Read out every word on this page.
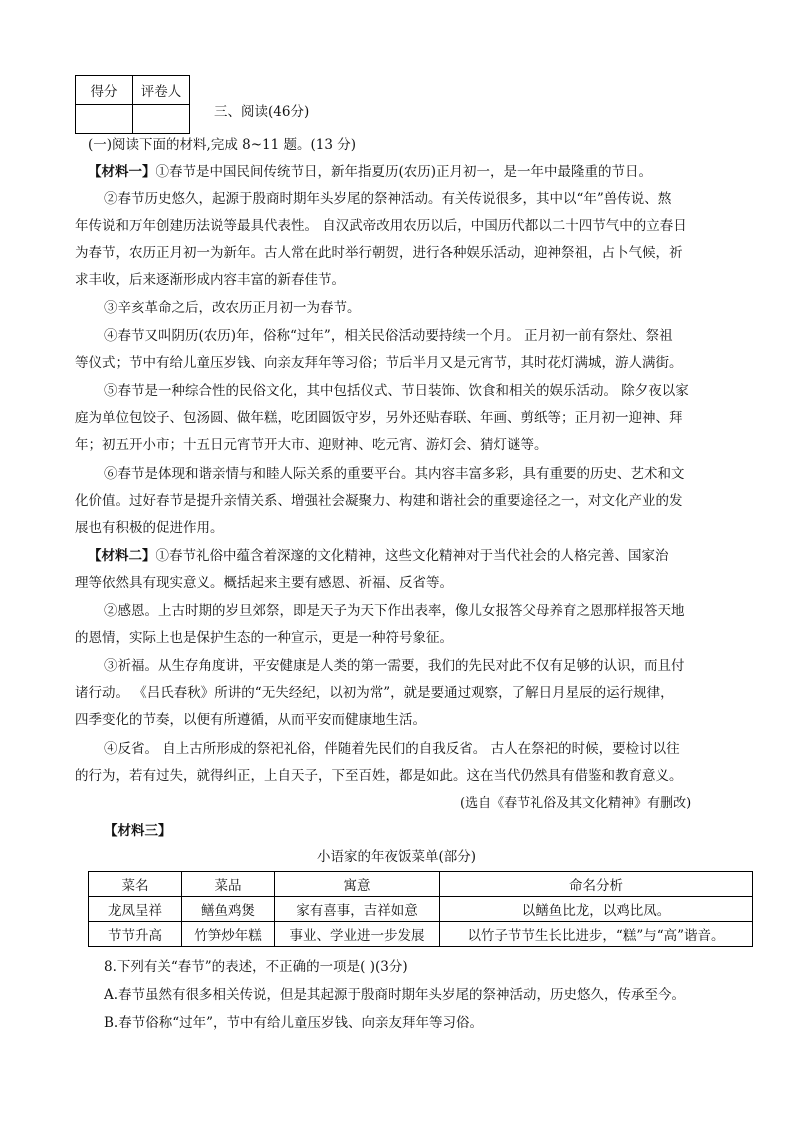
得分	评卷人

三、阅读(46分)
(一)阅读下面的材料,完成 8~11 题。(13 分)
【材料一】①春节是中国民间传统节日，新年指夏历(农历)正月初一，是一年中最隆重的节日。
②春节历史悠久，起源于殷商时期年头岁尾的祭神活动。有关传说很多，其中以“年”兽传说、熬
年传说和万年创建历法说等最具代表性。 自汉武帝改用农历以后，中国历代都以二十四节气中的立春日
为春节，农历正月初一为新年。古人常在此时举行朝贺，进行各种娱乐活动，迎神祭祖，占卜气候，祈
求丰收，后来逐渐形成内容丰富的新春佳节。
③辛亥革命之后，改农历正月初一为春节。
④春节又叫阴历(农历)年，俗称“过年”，相关民俗活动要持续一个月。 正月初一前有祭灶、祭祖
等仪式；节中有给儿童压岁钱、向亲友拜年等习俗；节后半月又是元宵节，其时花灯满城，游人满街。
⑤春节是一种综合性的民俗文化，其中包括仪式、节日装饰、饮食和相关的娱乐活动。 除夕夜以家
庭为单位包饺子、包汤圆、做年糕，吃团圆饭守岁，另外还贴春联、年画、剪纸等；正月初一迎神、拜
年；初五开小市；十五日元宵节开大市、迎财神、吃元宵、游灯会、猜灯谜等。
⑥春节是体现和谐亲情与和睦人际关系的重要平台。其内容丰富多彩，具有重要的历史、艺术和文
化价值。过好春节是提升亲情关系、增强社会凝聚力、构建和谐社会的重要途径之一，对文化产业的发
展也有积极的促进作用。
【材料二】①春节礼俗中蕴含着深邃的文化精神，这些文化精神对于当代社会的人格完善、国家治
理等依然具有现实意义。概括起来主要有感恩、祈福、反省等。
②感恩。上古时期的岁旦郊祭，即是天子为天下作出表率，像儿女报答父母养育之恩那样报答天地
的恩情，实际上也是保护生态的一种宣示，更是一种符号象征。
③祈福。从生存角度讲，平安健康是人类的第一需要，我们的先民对此不仅有足够的认识，而且付
诸行动。 《吕氏春秋》所讲的“无失经纪，以初为常”，就是要通过观察，了解日月星辰的运行规律，
四季变化的节奏，以便有所遵循，从而平安而健康地生活。
④反省。 自上古所形成的祭祀礼俗，伴随着先民们的自我反省。 古人在祭祀的时候，要检讨以往
的行为，若有过失，就得纠正，上自天子，下至百姓，都是如此。这在当代仍然具有借鉴和教育意义。
(选自《春节礼俗及其文化精神》有删改)
【材料三】
小语家的年夜饭菜单(部分)
菜名	菜品	寓意	命名分析
龙凤呈祥	鳝鱼鸡煲	家有喜事，吉祥如意	以鳝鱼比龙，以鸡比凤。
节节升高	竹笋炒年糕	事业、学业进一步发展	以竹子节节生长比进步，“糕”与“高”谐音。
8.下列有关“春节”的表述，不正确的一项是( )(3分)
A.春节虽然有很多相关传说，但是其起源于殷商时期年头岁尾的祭神活动，历史悠久，传承至今。
B.春节俗称“过年”，节中有给儿童压岁钱、向亲友拜年等习俗。
